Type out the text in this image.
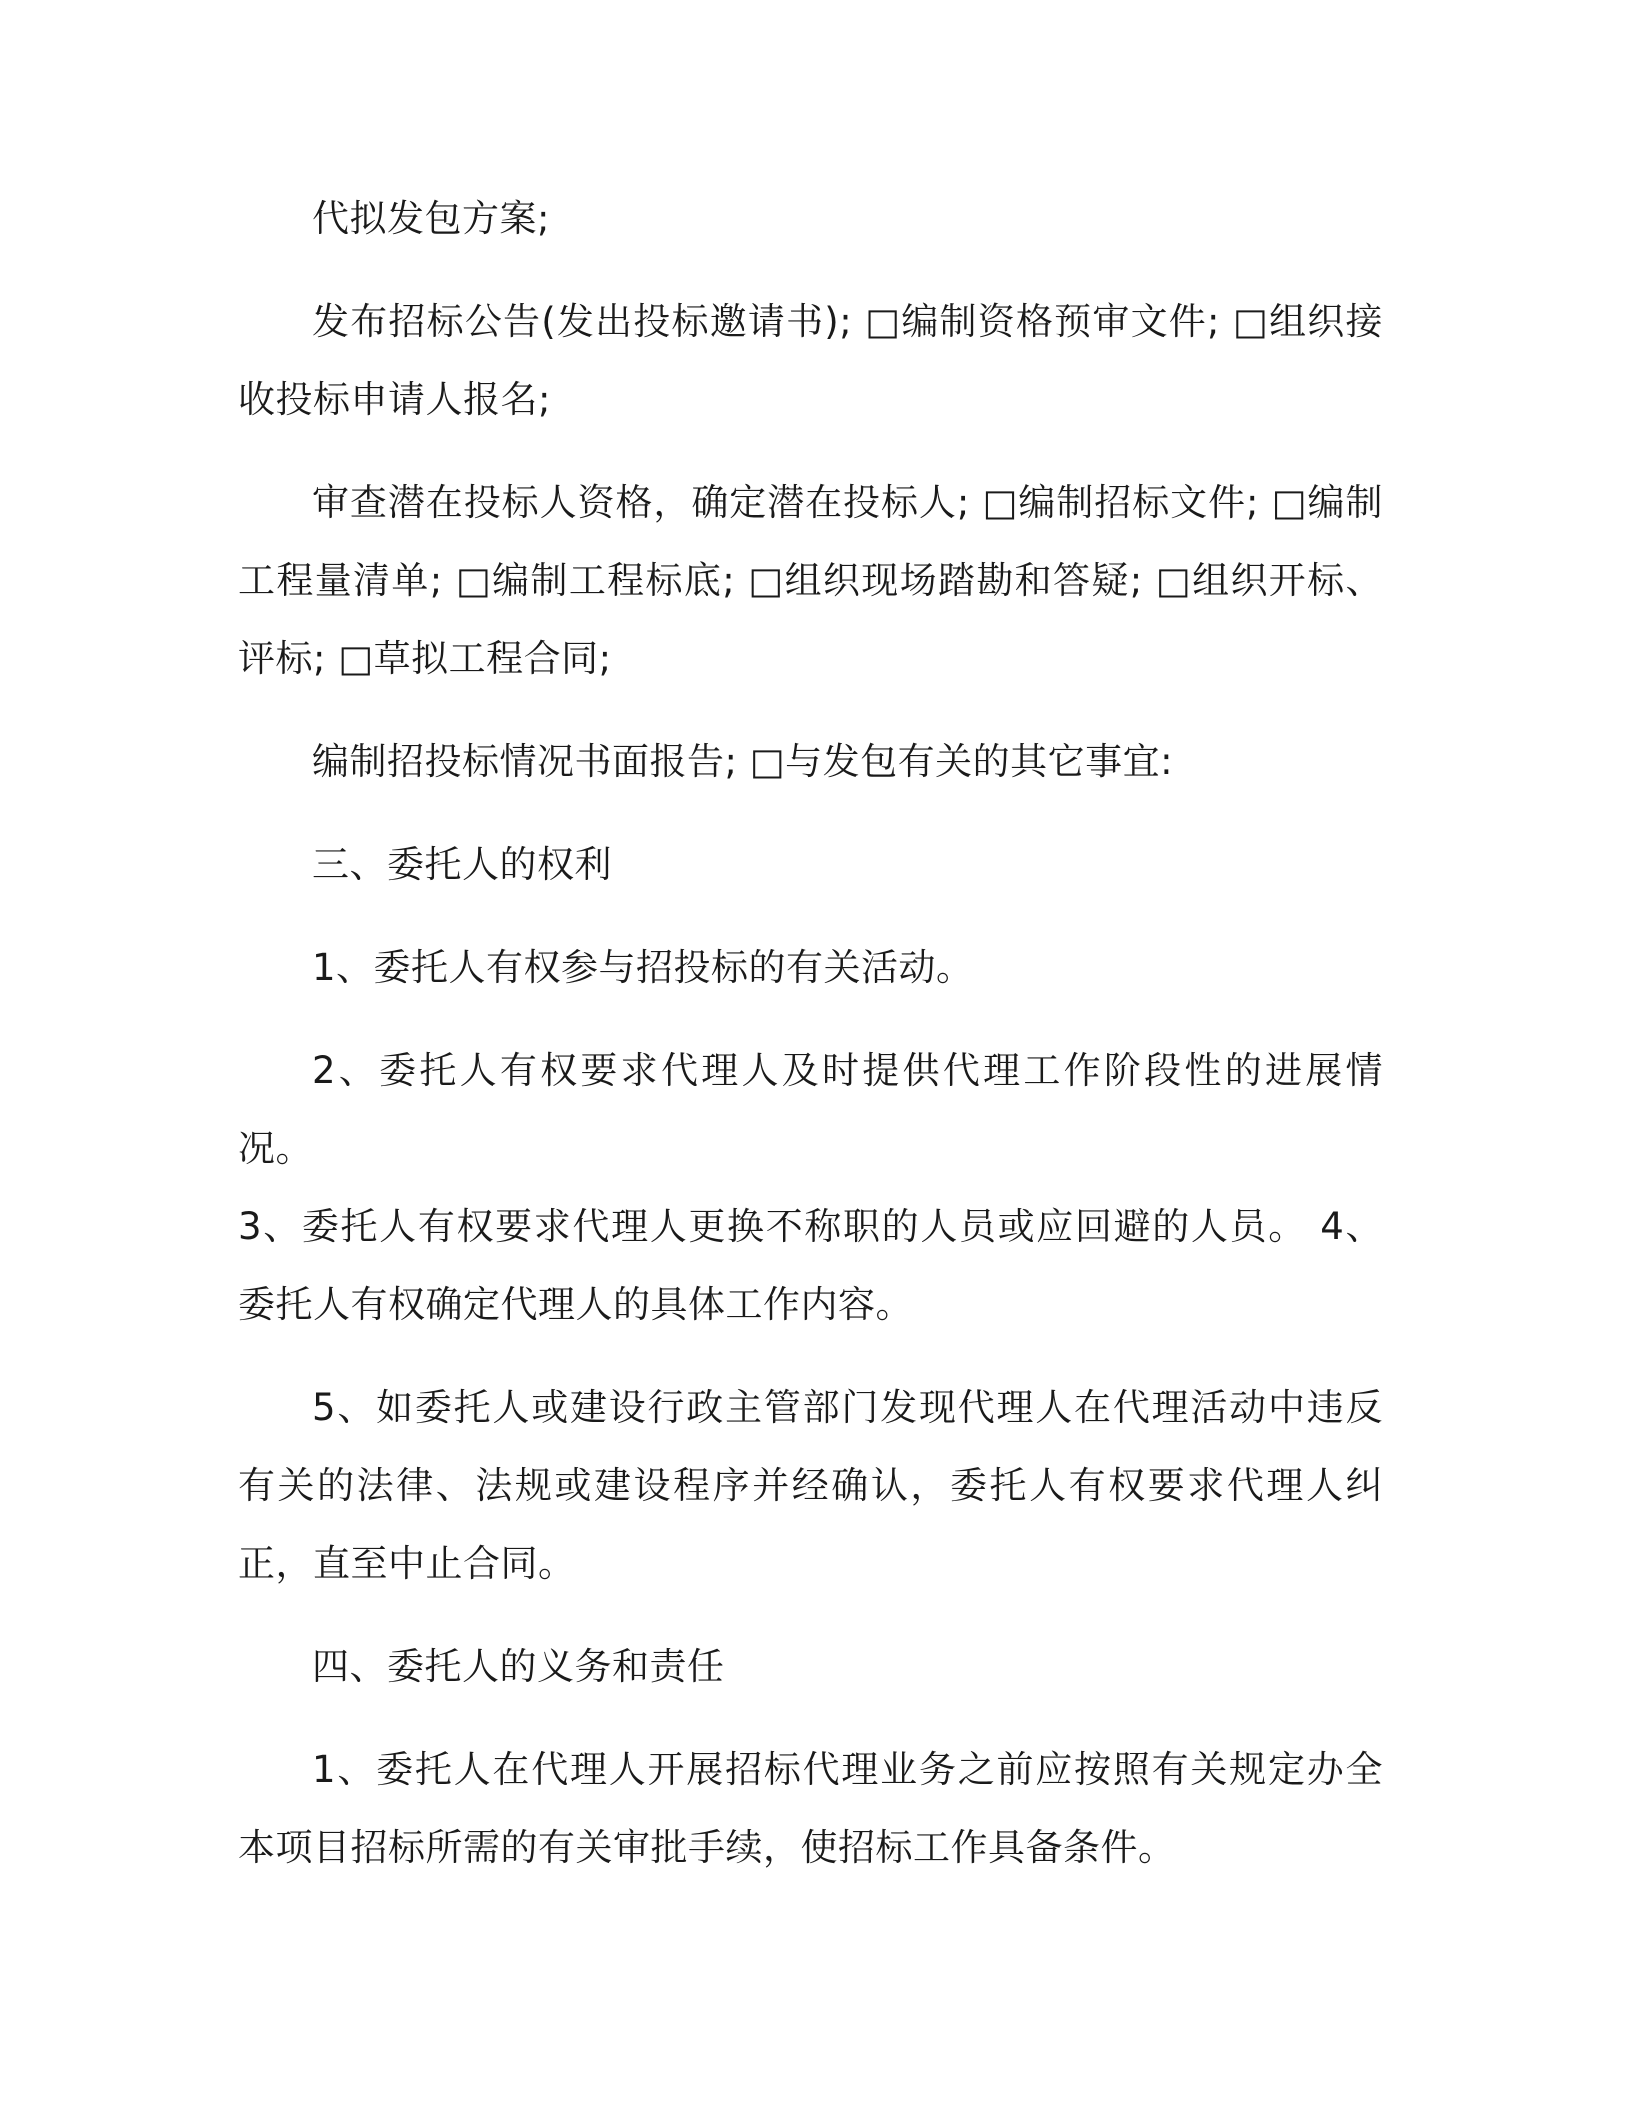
代拟发包方案;

发布招标公告(发出投标邀请书); □编制资格预审文件; □组织接收投标申请人报名;

审查潜在投标人资格，确定潜在投标人; □编制招标文件; □编制工程量清单; □编制工程标底; □组织现场踏勘和答疑; □组织开标、评标; □草拟工程合同;

编制招投标情况书面报告; □与发包有关的其它事宜:

三、委托人的权利

1、委托人有权参与招投标的有关活动。

2、委托人有权要求代理人及时提供代理工作阶段性的进展情况。

3、委托人有权要求代理人更换不称职的人员或应回避的人员。 4、委托人有权确定代理人的具体工作内容。

5、如委托人或建设行政主管部门发现代理人在代理活动中违反有关的法律、法规或建设程序并经确认，委托人有权要求代理人纠正，直至中止合同。

四、委托人的义务和责任

1、委托人在代理人开展招标代理业务之前应按照有关规定办全本项目招标所需的有关审批手续，使招标工作具备条件。
